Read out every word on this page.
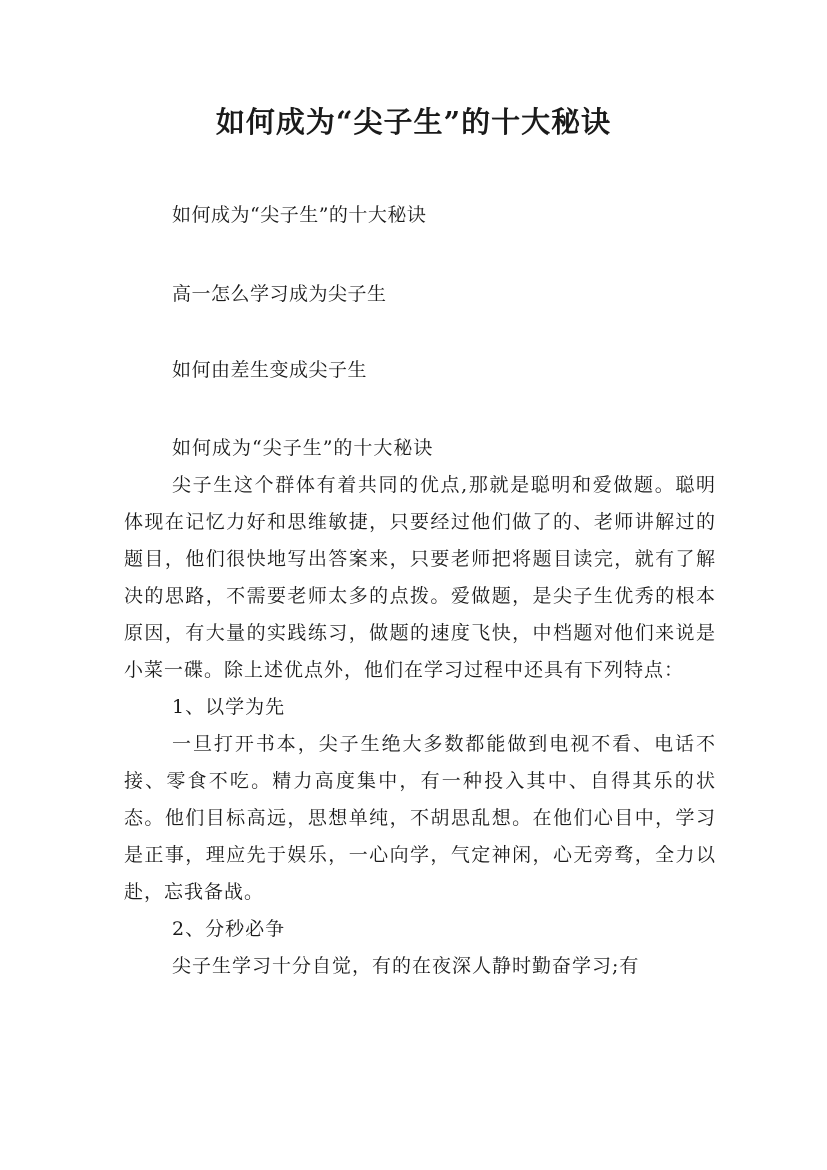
如何成为“尖子生”的十大秘诀
如何成为“尖子生”的十大秘诀
高一怎么学习成为尖子生
如何由差生变成尖子生

如何成为“尖子生”的十大秘诀

尖子生这个群体有着共同的优点,那就是聪明和爱做题。聪明体现在记忆力好和思维敏捷，只要经过他们做了的、老师讲解过的题目，他们很快地写出答案来，只要老师把将题目读完，就有了解决的思路，不需要老师太多的点拨。爱做题，是尖子生优秀的根本原因，有大量的实践练习，做题的速度飞快，中档题对他们来说是小菜一碟。除上述优点外，他们在学习过程中还具有下列特点：

1、以学为先

一旦打开书本，尖子生绝大多数都能做到电视不看、电话不接、零食不吃。精力高度集中，有一种投入其中、自得其乐的状态。他们目标高远，思想单纯，不胡思乱想。在他们心目中，学习是正事，理应先于娱乐，一心向学，气定神闲，心无旁骛，全力以赴，忘我备战。

2、分秒必争

尖子生学习十分自觉，有的在夜深人静时勤奋学习;有
